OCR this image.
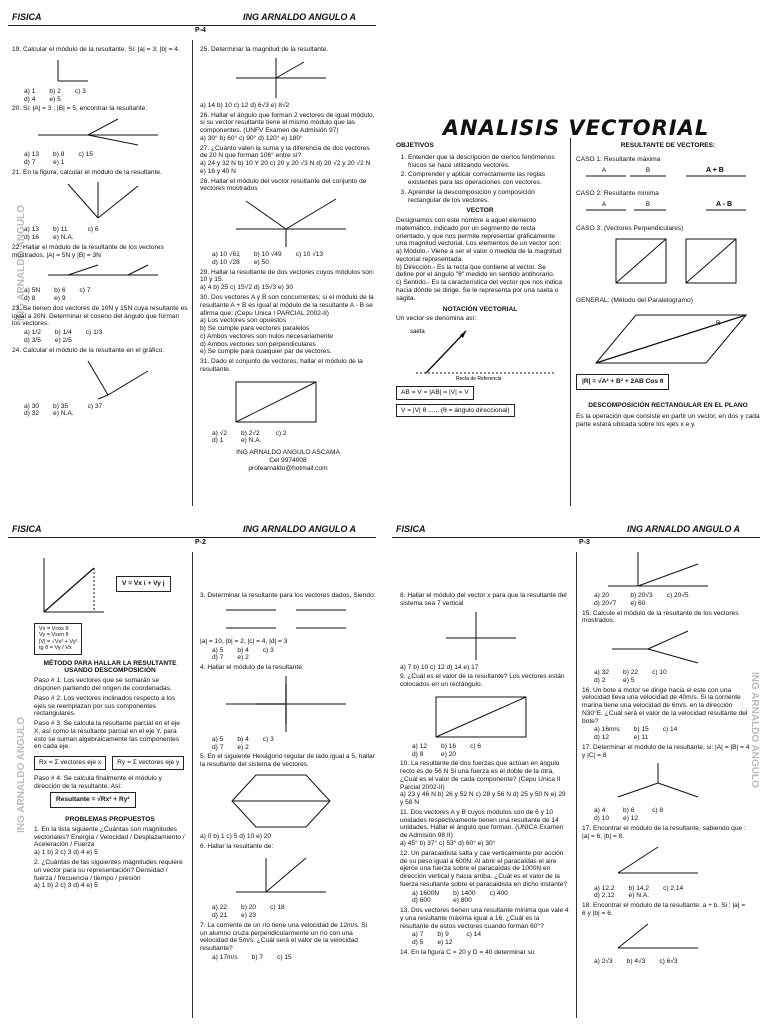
FISICA	ING ARNALDO ANGULO A
P-4
ING ARNALDO ANGULO
19. Calcular el módulo de la resultante. Si: |a| = 3; |b| = 4.
a) 1 b) 2 c) 3
d) 4 e) 5
20. Si: |A| = 3 ; |B| = 5, encontrar la resultante.
a) 13 b) 8 c) 15
d) 7	e) 1
21. En la figura, calcular el módulo de la resultante.
a) 13 b) 11	c) 6
d) 16 e) N.A.
22. Hallar el módulo de la resultante de los vectores mostrados. |A| = 5N y |B| = 3N
a) 5N b) 6 c) 7
d) 8	e) 9
23. Se tienen dos vectores de 10N y 15N cuya resultante es igual a 20N. Determinar el coseno del ángulo que forman los vectores.
a) 1/2 b) 1/4 c) 1/3
d) 3/5 e) 2/5
24. Calcular el módulo de la resultante en el gráfico.
a) 30 b) 35	c) 37
d) 32 e) N.A.
25. Determinar la magnitud de la resultante.
a) 14 b) 10 c) 12 d) 6√3 e) 8√2
26. Hallar el ángulo que forman 2 vectores de igual módulo, si su vector resultante tiene el mismo módulo que las componentes. (UNFV Examen de Admisión 97)
a) 30° b) 60° c) 90° d) 120° e) 180°
27. ¿Cuánto valen la suma y la diferencia de dos vectores de 20 N que forman 106° entre sí?
a) 24 y 32 N b) 10 Y 20 c) 20 y 20 √3 N d) 20 √2 y 20 √2 N e) 16 y 40 N
28. Hallar el módulo del vector resultante del conjunto de vectores mostrados
a) 10 √61 b) 10 √49 c) 10 √13
d) 10 √28 e) 50
29. Hallar la resultante de dos vectores cuyos módulos son: 10 y 15.
a) 4 b) 25 c) 15√2 d) 15√3 e) 30
30. Dos vectores A y B son concurrentes; si el módulo de la resultante A + B es igual al módulo de la resultante A - B se afirma que: (Cepu Unica I PARCIAL 2002-II)
a) Los vectores son opuestos
b) Se cumple para vectores paralelos
c) Ambos vectores son nulos necesariamente
d) Ambos vectores son perpendiculares
e) Se cumple para cualquier par de vectores.
31. Dado el conjunto de vectores, hallar el módulo de la resultante.
a) √2 b) 2√2 c) 2
d) 1	e) N.A.
ING ARNALDO ANGULO ASCAMA
Cel 9974008
profearnaldo@hotmail.com
ANALISIS VECTORIAL
OBJETIVOS
1. Entender que la descripción de ciertos fenómenos físicos se hace utilizando vectores.
2. Comprender y aplicar correctamente las reglas existentes para las operaciones con vectores.
3. Aprender la descomposición y composición rectangular de los vectores.
VECTOR
Designamos con este nombre a aquel elemento matemático, indicado por un segmento de recta orientado, y que nos permite representar gráficamente una magnitud vectorial. Los elementos de un vector son:
a) Módulo.- Viene a ser el valor o medida de la magnitud vectorial representada.
b) Dirección.- Es la recta que contiene al vector. Se define por el ángulo "θ" medido en sentido antihorario.
c) Sentido.- Es la característica del vector que nos indica hacia dónde se dirige. Se le representa por una saeta o sagita.
NOTACIÓN VECTORIAL
Un vector se denomina así:
saeta
Recta de Referencia
AB = V = |AB| = |V| = V V = |V| θ ...... (θ = ángulo direccional)
RESULTANTE DE VECTORES:
CASO 1: Resultante máxima
A	B	A + B
CASO 2: Resultante mínima
A	B	A - B
CASO 3: (Vectores Perpendiculares)
GENERAL: (Método del Paralelogramo)
R
|R| = √A² + B² + 2AB Cos θ
DESCOMPOSICIÓN RECTANGULAR EN EL PLANO
Es la operación que consiste en partir un vector, en dos y cada parte estará ubicada sobre los ejes x e y.
FISICA	ING ARNALDO ANGULO A
P-2
ING ARNALDO ANGULO

V = Vx i + Vy j
Vx = Vcos θ
Vy = Vsen θ
|V| = √Vx² + Vy²
tg θ = Vy / Vx
MÉTODO PARA HALLAR LA RESULTANTE USANDO DESCOMPOSICIÓN
Paso # 1: Los vectores que se sumarán se disponen partiendo del origen de coordenadas.
Paso # 2: Los vectores inclinados respecto a los ejes se reemplazan por sus componentes rectangulares.
Paso # 3: Se calcula la resultante parcial en el eje X, así como la resultante parcial en el eje Y, para esto se suman algebraicamente las componentes en cada eje.
Rx = Σ vectores eje x	Ry = Σ vectores eje y
Paso # 4: Se calcula finalmente el módulo y dirección de la resultante. Así:
Resultante = √Rx² + Ry²
PROBLEMAS PROPUESTOS
1. En la lista siguiente ¿Cuántas son magnitudes vectoriales? Energía / Velocidad / Desplazamiento / Aceleración / Fuerza
a) 1 b) 2 c) 3 d) 4 e) 5
2. ¿Cuántas de las siguientes magnitudes requiere un vector para su representación? Densidad / fuerza / frecuencia / tiempo / presión
a) 1 b) 2 c) 3 d) 4 e) 5
3. Determinar la resultante para los vectores dados, Siendo:
|a| = 10, |b| = 2, |c| = 4, |d| = 3
a) 5 b) 4 c) 3
d) 7 e) 2
4. Hallar el módulo de la resultante.
a) 5 b) 4 c) 3
d) 7 e) 2
5. En el siguiente Hexágono regular de lado igual a 5, hallar la resultante del sistema de vectores.
a) 0 b) 1 c) 5 d) 10 e) 20
6. Hallar la resultante de:
a) 22 b) 20 c) 18
d) 21 e) 23
7. La corriente de un río tiene una velocidad de 12m/s. Si un alumno cruza perpendicularmente un río con una velocidad de 5m/s. ¿Cuál será el valor de la velocidad resultante?
a) 17m/s b) 7 c) 15
FISICA	ING ARNALDO ANGULO A
P-3
ING ARNALDO ANGULO
8. Hallar el módulo del vector x para que la resultante del sistema sea 7 vertical
a) 7 b) 10 c) 12 d) 14 e) 17
9. ¿Cuál es el valor de la resultante? Los vectores están colocados en un rectángulo.
a) 12 b) 16 c) 6
d) 8	e) 20
10. La resultante de dos fuerzas que actúan en ángulo recto es de 56 N Si una fuerza es el doble de la otra, ¿Cuál es el valor de cada componente? (Cepu Unica II Parcial 2002-II)
a) 23 y 46 N b) 26 y 52 N c) 28 y 56 N d) 25 y 50 N e) 29 y 58 N
11. Dos vectores A y B cuyos módulos son de 6 y 10 unidades respectivamente tienen una resultante de 14 unidades. Hallar el ángulo que forman. (UNICA Examen de Admisión 98 II)
a) 45° b) 37° c) 53° d) 60° e) 30°
12. Un paracaidista salta y cae verticalmente por acción de su peso igual a 600N. Al abrir el paracaídas el aire ejerce una fuerza sobre el paracaídas de 1000N en dirección vertical y hacia arriba. ¿Cuál es el valor de la fuerza resultante sobre el paracaidista en dicho instante?
a) 1600N b) 1400 c) 400
d) 600	e) 800
13. Dos vectores tienen una resultante mínima que vale 4 y una resultante máxima igual a 16. ¿Cuál es la resultante de estos vectores cuando forman 60°?
a) 7 b) 9	c) 14
d) 5 e) 12
14. En la figura C = 20 y D = 40 determinar su
a) 20	b) 20√3 c) 20√5
d) 20√7 e) 60
15. Calcule el módulo de la resultante de los vectores mostrados.
a) 32 b) 22 c) 10
d) 2	e) 5
16. Un bote a motor se dirige hacia el este con una velocidad lleva una velocidad de 40m/s. Si la corriente marina tiene una velocidad de 6m/s. en la dirección N30°E. ¿Cuál será el valor de la velocidad resultante del bote?
a) 16m/s b) 15 c) 14
d) 12	e) 11
17. Determinar el módulo de la resultante, si: |A| = |B| = 4 y |C| = 8
a) 4	b) 6	c) 8
d) 10 e) 12
17. Encontrar el módulo de la resultante, sabiendo que : |a| = 6; |b| = 8.
a) 12,2 b) 14,2 c) 2,14
d) 2,12 e) N.A.
18. Encontrar el módulo de la resultante: a + b. Si : |a| = 6 y |b| = 6.
a) 2√3 b) 4√3 c) 6√3
